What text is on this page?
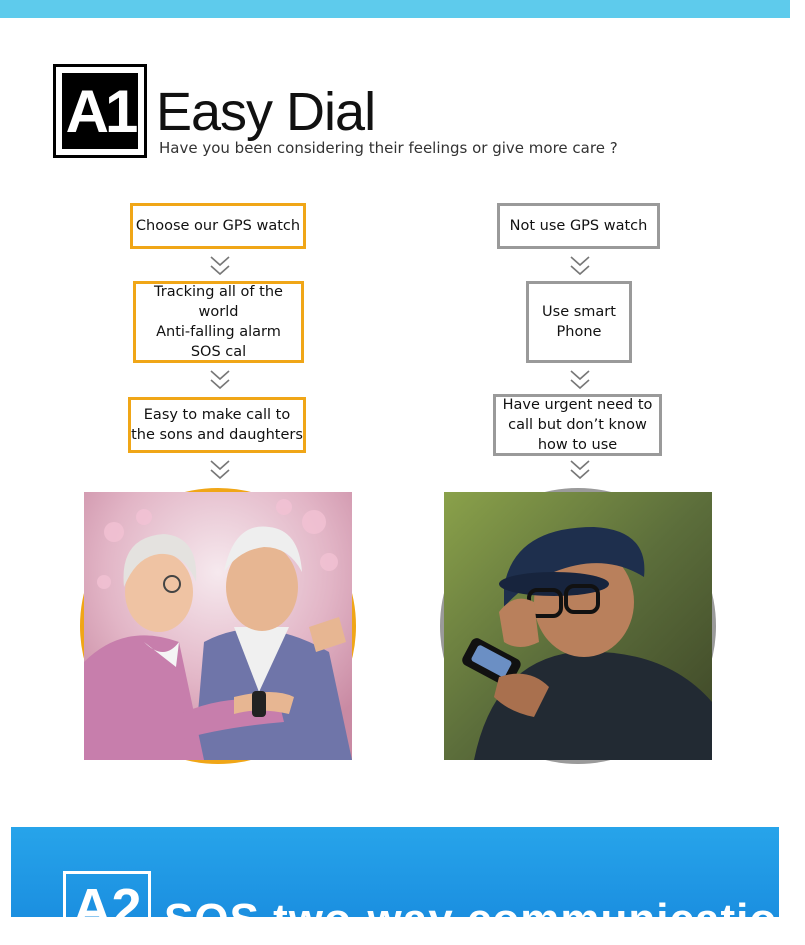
A1 Easy Dial
Have you been considering their feelings or give more care ?
Choose our GPS watch
Tracking all of the world
Anti-falling alarm
SOS cal
Easy to make call to
the sons and daughters
Not use GPS watch
Use smart
Phone
Have urgent need to
call but don’t know
how to use
A2 SOS two-way communication
